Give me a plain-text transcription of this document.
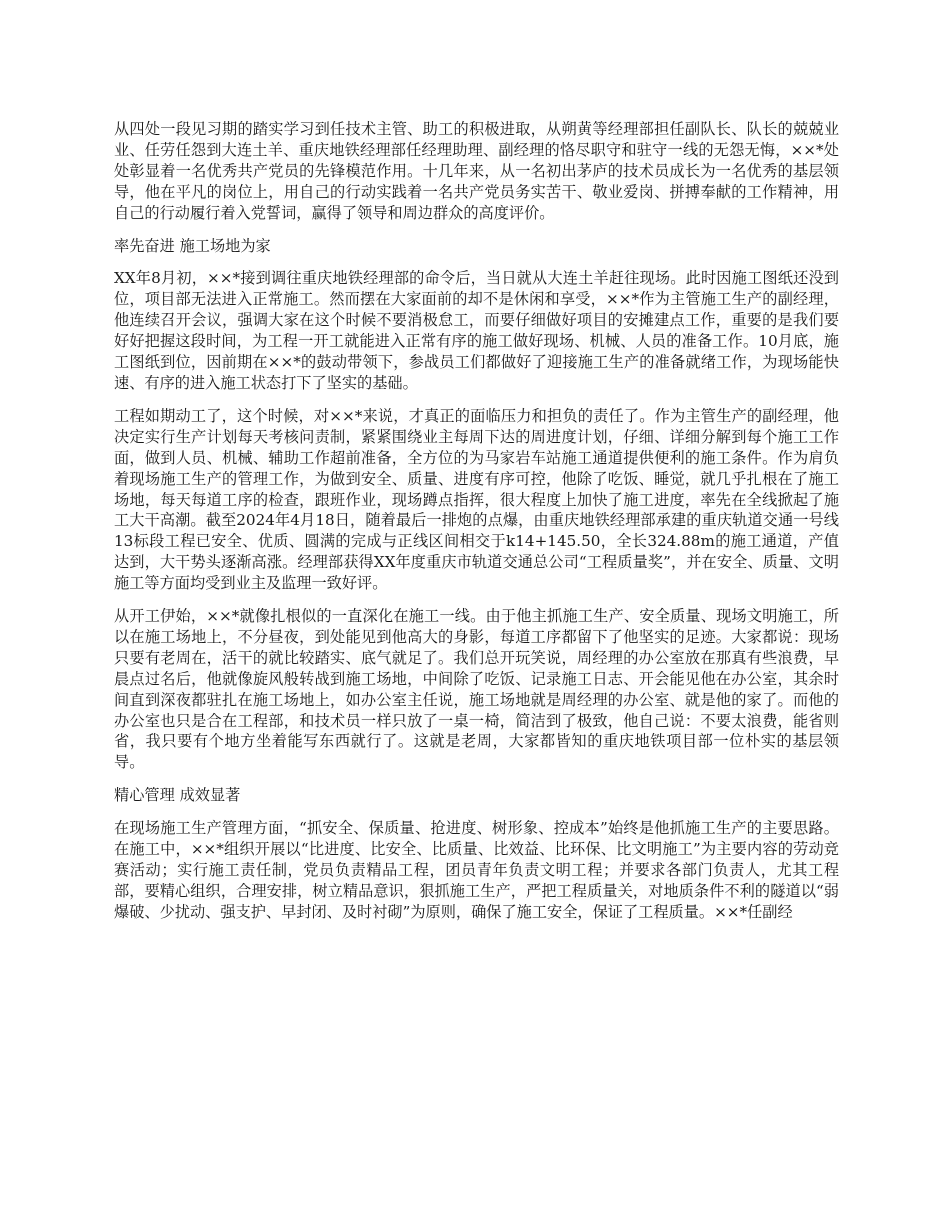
从四处一段见习期的踏实学习到任技术主管、助工的积极进取，从朔黄等经理部担任副队长、队长的兢兢业业、任劳任怨到大连土羊、重庆地铁经理部任经理助理、副经理的恪尽职守和驻守一线的无怨无悔，××*处处彰显着一名优秀共产党员的先锋模范作用。十几年来，从一名初出茅庐的技术员成长为一名优秀的基层领导，他在平凡的岗位上，用自己的行动实践着一名共产党员务实苦干、敬业爱岗、拼搏奉献的工作精神，用自己的行动履行着入党誓词，赢得了领导和周边群众的高度评价。

率先奋进 施工场地为家

XX年8月初，××*接到调往重庆地铁经理部的命令后，当日就从大连土羊赶往现场。此时因施工图纸还没到位，项目部无法进入正常施工。然而摆在大家面前的却不是休闲和享受，××*作为主管施工生产的副经理，他连续召开会议，强调大家在这个时候不要消极怠工，而要仔细做好项目的安摊建点工作，重要的是我们要好好把握这段时间，为工程一开工就能进入正常有序的施工做好现场、机械、人员的准备工作。10月底，施工图纸到位，因前期在××*的鼓动带领下，参战员工们都做好了迎接施工生产的准备就绪工作，为现场能快速、有序的进入施工状态打下了坚实的基础。

工程如期动工了，这个时候，对××*来说，才真正的面临压力和担负的责任了。作为主管生产的副经理，他决定实行生产计划每天考核问责制，紧紧围绕业主每周下达的周进度计划，仔细、详细分解到每个施工工作面，做到人员、机械、辅助工作超前准备，全方位的为马家岩车站施工通道提供便利的施工条件。作为肩负着现场施工生产的管理工作，为做到安全、质量、进度有序可控，他除了吃饭、睡觉，就几乎扎根在了施工场地，每天每道工序的检查，跟班作业，现场蹲点指挥，很大程度上加快了施工进度，率先在全线掀起了施工大干高潮。截至2024年4月18日，随着最后一排炮的点爆，由重庆地铁经理部承建的重庆轨道交通一号线13标段工程已安全、优质、圆满的完成与正线区间相交于k14+145.50，全长324.88m的施工通道，产值达到，大干势头逐渐高涨。经理部获得XX年度重庆市轨道交通总公司“工程质量奖”，并在安全、质量、文明施工等方面均受到业主及监理一致好评。

从开工伊始，××*就像扎根似的一直深化在施工一线。由于他主抓施工生产、安全质量、现场文明施工，所以在施工场地上，不分昼夜，到处能见到他高大的身影，每道工序都留下了他坚实的足迹。大家都说：现场只要有老周在，活干的就比较踏实、底气就足了。我们总开玩笑说，周经理的办公室放在那真有些浪费，早晨点过名后，他就像旋风般转战到施工场地，中间除了吃饭、记录施工日志、开会能见他在办公室，其余时间直到深夜都驻扎在施工场地上，如办公室主任说，施工场地就是周经理的办公室、就是他的家了。而他的办公室也只是合在工程部，和技术员一样只放了一桌一椅，简洁到了极致，他自己说：不要太浪费，能省则省，我只要有个地方坐着能写东西就行了。这就是老周，大家都皆知的重庆地铁项目部一位朴实的基层领导。

精心管理 成效显著

在现场施工生产管理方面，“抓安全、保质量、抢进度、树形象、控成本”始终是他抓施工生产的主要思路。在施工中，××*组织开展以“比进度、比安全、比质量、比效益、比环保、比文明施工”为主要内容的劳动竞赛活动；实行施工责任制，党员负责精品工程，团员青年负责文明工程；并要求各部门负责人，尤其工程部，要精心组织，合理安排，树立精品意识，狠抓施工生产，严把工程质量关，对地质条件不利的隧道以“弱爆破、少扰动、强支护、早封闭、及时衬砌”为原则，确保了施工安全，保证了工程质量。××*任副经
